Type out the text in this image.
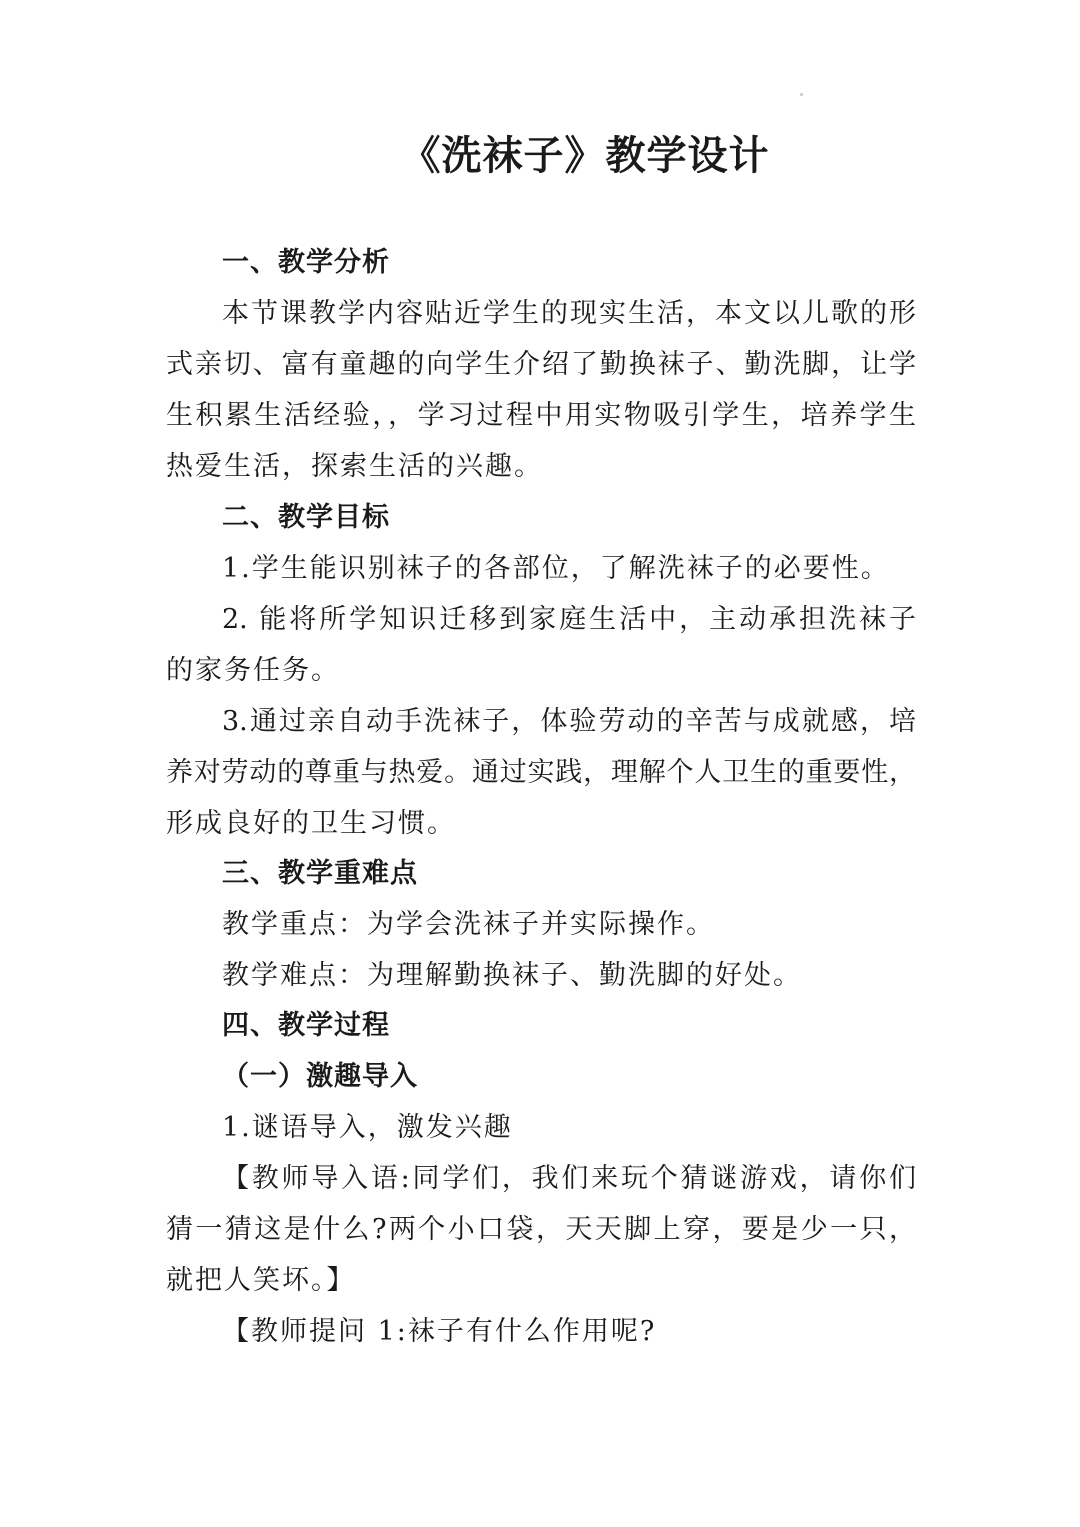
《洗袜子》教学设计
一、教学分析
本节课教学内容贴近学生的现实生活，本文以儿歌的形
式亲切、富有童趣的向学生介绍了勤换袜子、勤洗脚，让学
生积累生活经验，，学习过程中用实物吸引学生，培养学生
热爱生活，探索生活的兴趣。
二、教学目标
1.学生能识别袜子的各部位，了解洗袜子的必要性。
2. 能将所学知识迁移到家庭生活中，主动承担洗袜子
的家务任务。
3.通过亲自动手洗袜子，体验劳动的辛苦与成就感，培
养对劳动的尊重与热爱。通过实践，理解个人卫生的重要性，
形成良好的卫生习惯。
三、教学重难点
教学重点：为学会洗袜子并实际操作。
教学难点：为理解勤换袜子、勤洗脚的好处。
四、教学过程
（一）激趣导入
1.谜语导入，激发兴趣
【教师导入语:同学们，我们来玩个猜谜游戏，请你们
猜一猜这是什么?两个小口袋，天天脚上穿，要是少一只，
就把人笑坏。】
【教师提问 1:袜子有什么作用呢?
